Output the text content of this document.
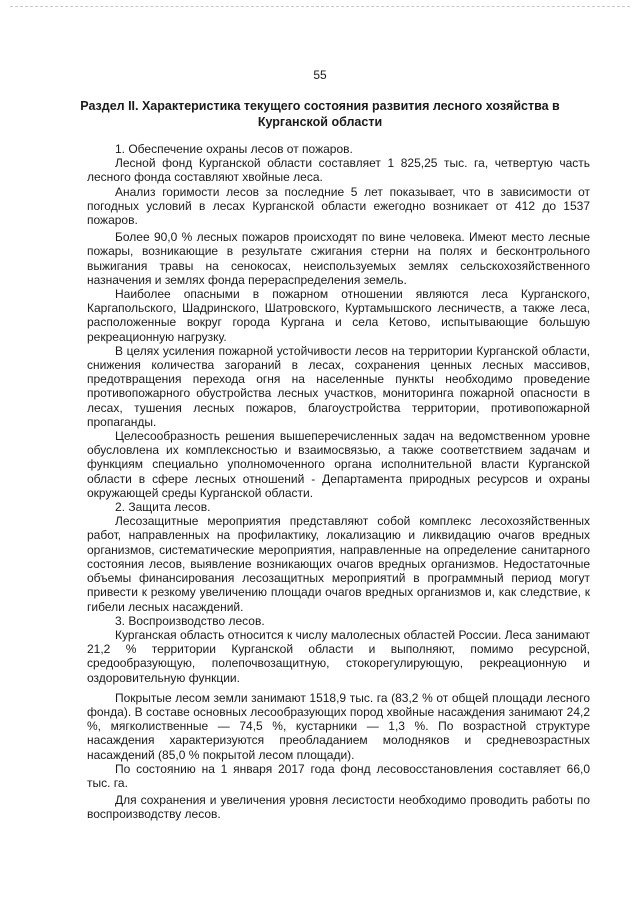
55
Раздел II. Характеристика текущего состояния развития лесного хозяйства в Курганской области

1. Обеспечение охраны лесов от пожаров.

Лесной фонд Курганской области составляет 1 825,25 тыс. га, четвертую часть лесного фонда составляют хвойные леса.

Анализ горимости лесов за последние 5 лет показывает, что в зависимости от погодных условий в лесах Курганской области ежегодно возникает от 412 до 1537 пожаров.

Более 90,0 % лесных пожаров происходят по вине человека. Имеют место лесные пожары, возникающие в результате сжигания стерни на полях и бесконтрольного выжигания травы на сенокосах, неиспользуемых землях сельскохозяйственного назначения и землях фонда перераспределения земель.

Наиболее опасными в пожарном отношении являются леса Курганского, Каргапольского, Шадринского, Шатровского, Куртамышского лесничеств, а также леса, расположенные вокруг города Кургана и села Кетово, испытывающие большую рекреационную нагрузку.

В целях усиления пожарной устойчивости лесов на территории Курганской области, снижения количества загораний в лесах, сохранения ценных лесных массивов, предотвращения перехода огня на населенные пункты необходимо проведение противопожарного обустройства лесных участков, мониторинга пожарной опасности в лесах, тушения лесных пожаров, благоустройства территории, противопожарной пропаганды.

Целесообразность решения вышеперечисленных задач на ведомственном уровне обусловлена их комплексностью и взаимосвязью, а также соответствием задачам и функциям специально уполномоченного органа исполнительной власти Курганской области в сфере лесных отношений - Департамента природных ресурсов и охраны окружающей среды Курганской области.

2. Защита лесов.

Лесозащитные мероприятия представляют собой комплекс лесохозяйственных работ, направленных на профилактику, локализацию и ликвидацию очагов вредных организмов, систематические мероприятия, направленные на определение санитарного состояния лесов, выявление возникающих очагов вредных организмов. Недостаточные объемы финансирования лесозащитных мероприятий в программный период могут привести к резкому увеличению площади очагов вредных организмов и, как следствие, к гибели лесных насаждений.

3. Воспроизводство лесов.

Курганская область относится к числу малолесных областей России. Леса занимают 21,2 % территории Курганской области и выполняют, помимо ресурсной, средообразующую, полепочвозащитную, стокорегулирующую, рекреационную и оздоровительную функции.

Покрытые лесом земли занимают 1518,9 тыс. га (83,2 % от общей площади лесного фонда). В составе основных лесообразующих пород хвойные насаждения занимают 24,2 %, мягколиственные — 74,5 %, кустарники — 1,3 %. По возрастной структуре насаждения характеризуются преобладанием молодняков и средневозрастных насаждений (85,0 % покрытой лесом площади).

По состоянию на 1 января 2017 года фонд лесовосстановления составляет 66,0 тыс. га.

Для сохранения и увеличения уровня лесистости необходимо проводить работы по воспроизводству лесов.
